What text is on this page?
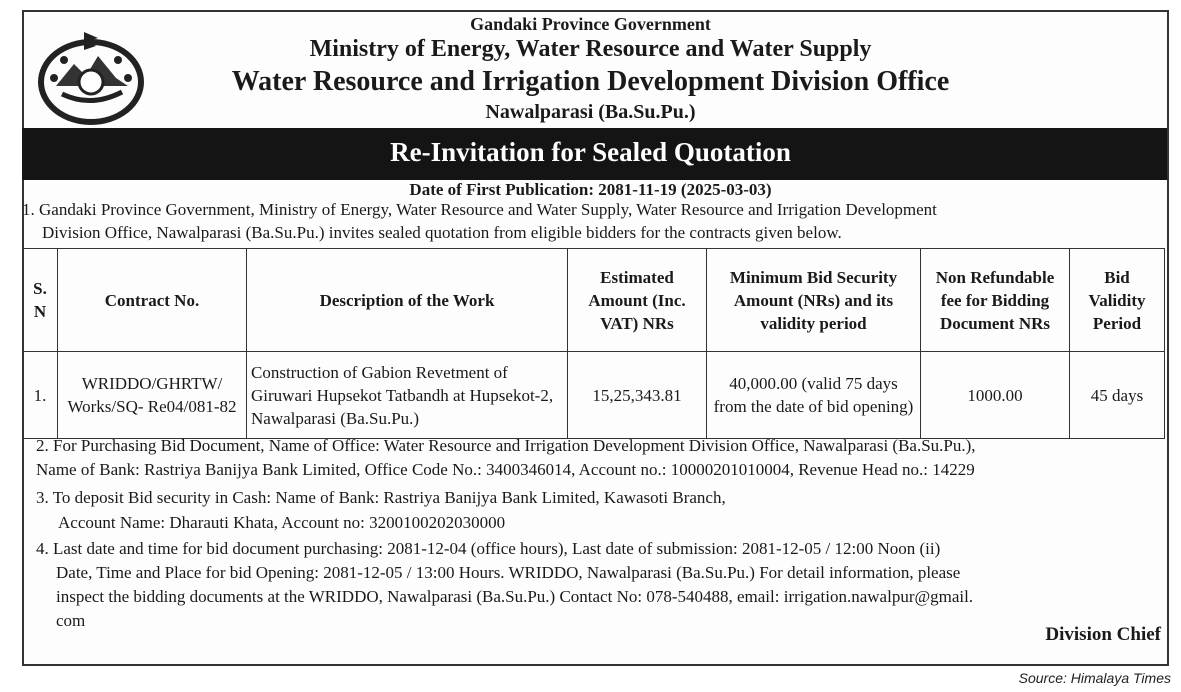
Gandaki Province Government
Ministry of Energy, Water Resource and Water Supply
Water Resource and Irrigation Development Division Office
Nawalparasi (Ba.Su.Pu.)
Re-Invitation for Sealed Quotation
Date of First Publication: 2081-11-19 (2025-03-03)
1. Gandaki Province Government, Ministry of Energy, Water Resource and Water Supply, Water Resource and Irrigation Development
Division Office, Nawalparasi (Ba.Su.Pu.) invites sealed quotation from eligible bidders for the contracts given below.
S. N	Contract No.	Description of the Work	Estimated Amount (Inc. VAT) NRs	Minimum Bid Security Amount (NRs) and its validity period	Non Refundable fee for Bidding Document NRs	Bid Validity Period
1.	WRIDDO/GHRTW/ Works/SQ- Re04/081-82	Construction of Gabion Revetment of Giruwari Hupsekot Tatbandh at Hupsekot-2, Nawalparasi (Ba.Su.Pu.)	15,25,343.81	40,000.00 (valid 75 days from the date of bid opening)	1000.00	45 days
2. For Purchasing Bid Document, Name of Office: Water Resource and Irrigation Development Division Office, Nawalparasi (Ba.Su.Pu.),
Name of Bank: Rastriya Banijya Bank Limited, Office Code No.: 3400346014, Account no.: 10000201010004, Revenue Head no.: 14229
3. To deposit Bid security in Cash: Name of Bank: Rastriya Banijya Bank Limited, Kawasoti Branch,
Account Name: Dharauti Khata, Account no: 3200100202030000
4. Last date and time for bid document purchasing: 2081-12-04 (office hours), Last date of submission: 2081-12-05 / 12:00 Noon (ii)
Date, Time and Place for bid Opening: 2081-12-05 / 13:00 Hours. WRIDDO, Nawalparasi (Ba.Su.Pu.) For detail information, please
inspect the bidding documents at the WRIDDO, Nawalparasi (Ba.Su.Pu.) Contact No: 078-540488, email: irrigation.nawalpur@gmail.
com
Division Chief
Source: Himalaya Times
